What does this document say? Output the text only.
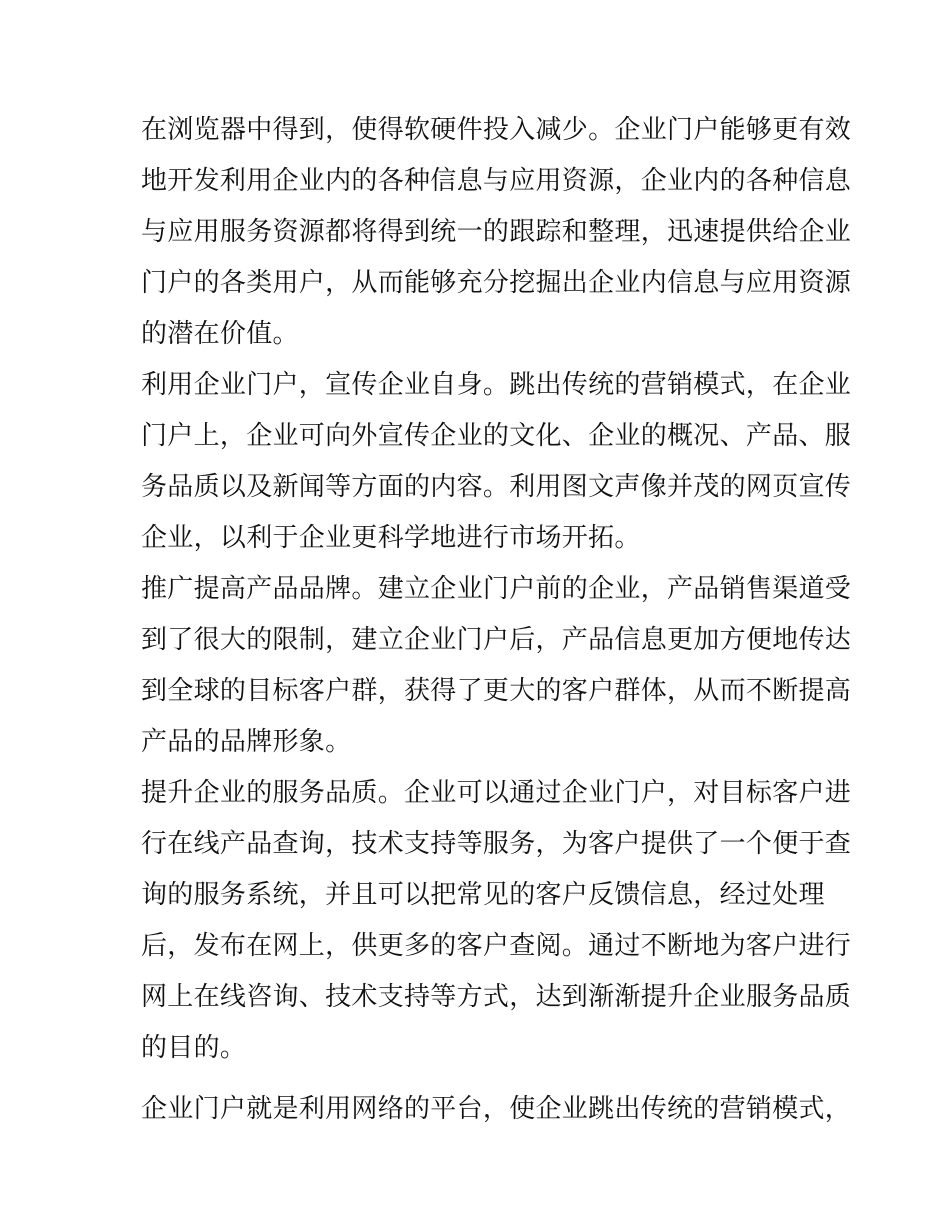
在浏览器中得到，使得软硬件投入减少。企业门户能够更有效
地开发利用企业内的各种信息与应用资源，企业内的各种信息
与应用服务资源都将得到统一的跟踪和整理，迅速提供给企业
门户的各类用户，从而能够充分挖掘出企业内信息与应用资源
的潜在价值。
利用企业门户，宣传企业自身。跳出传统的营销模式，在企业
门户上，企业可向外宣传企业的文化、企业的概况、产品、服
务品质以及新闻等方面的内容。利用图文声像并茂的网页宣传
企业，以利于企业更科学地进行市场开拓。
推广提高产品品牌。建立企业门户前的企业，产品销售渠道受
到了很大的限制，建立企业门户后，产品信息更加方便地传达
到全球的目标客户群，获得了更大的客户群体，从而不断提高
产品的品牌形象。
提升企业的服务品质。企业可以通过企业门户，对目标客户进
行在线产品查询，技术支持等服务，为客户提供了一个便于查
询的服务系统，并且可以把常见的客户反馈信息，经过处理
后，发布在网上，供更多的客户查阅。通过不断地为客户进行
网上在线咨询、技术支持等方式，达到渐渐提升企业服务品质
的目的。
企业门户就是利用网络的平台，使企业跳出传统的营销模式，
